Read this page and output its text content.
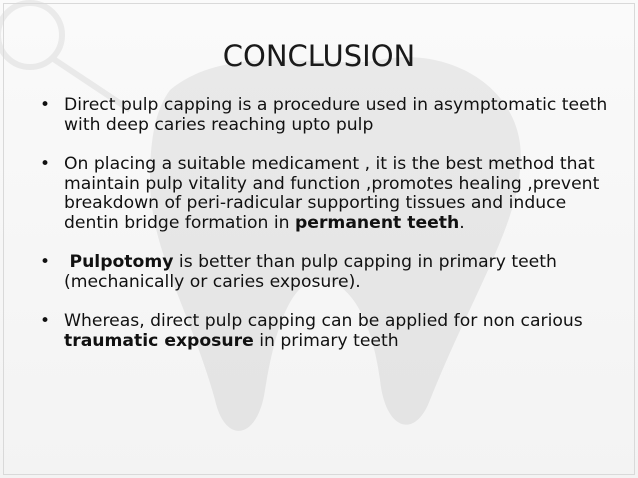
CONCLUSION
• Direct pulp capping is a procedure used in asymptomatic teeth with deep caries reaching upto pulp
• On placing a suitable medicament , it is the best method that maintain pulp vitality and function ,promotes healing ,prevent breakdown of peri-radicular supporting tissues and induce dentin bridge formation in permanent teeth.
• Pulpotomy is better than pulp capping in primary teeth (mechanically or caries exposure).
• Whereas, direct pulp capping can be applied for non carious traumatic exposure in primary teeth
